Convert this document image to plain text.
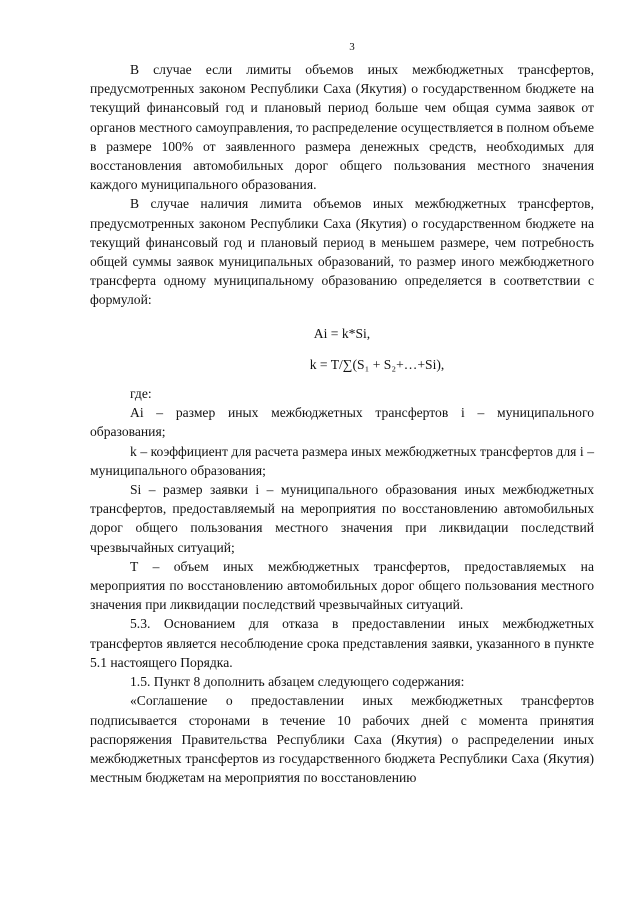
3

В случае если лимиты объемов иных межбюджетных трансфертов, предусмотренных законом Республики Саха (Якутия) о государственном бюджете на текущий финансовый год и плановый период больше чем общая сумма заявок от органов местного самоуправления, то распределение осуществляется в полном объеме в размере 100% от заявленного размера денежных средств, необходимых для восстановления автомобильных дорог общего пользования местного значения каждого муниципального образования.

В случае наличия лимита объемов иных межбюджетных трансфертов, предусмотренных законом Республики Саха (Якутия) о государственном бюджете на текущий финансовый год и плановый период в меньшем размере, чем потребность общей суммы заявок муниципальных образований, то размер иного межбюджетного трансферта одному муниципальному образованию определяется в соответствии с формулой:

Ai = k*Si,
k = T/∑(S₁ + S₂+…+Si),

где:

Ai – размер иных межбюджетных трансфертов i – муниципального образования;

k – коэффициент для расчета размера иных межбюджетных трансфертов для i – муниципального образования;

Si – размер заявки i – муниципального образования иных межбюджетных трансфертов, предоставляемый на мероприятия по восстановлению автомобильных дорог общего пользования местного значения при ликвидации последствий чрезвычайных ситуаций;

Т – объем иных межбюджетных трансфертов, предоставляемых на мероприятия по восстановлению автомобильных дорог общего пользования местного значения при ликвидации последствий чрезвычайных ситуаций.

5.3. Основанием для отказа в предоставлении иных межбюджетных трансфертов является несоблюдение срока представления заявки, указанного в пункте 5.1 настоящего Порядка.

1.5. Пункт 8 дополнить абзацем следующего содержания:

«Соглашение о предоставлении иных межбюджетных трансфертов подписывается сторонами в течение 10 рабочих дней с момента принятия распоряжения Правительства Республики Саха (Якутия) о распределении иных межбюджетных трансфертов из государственного бюджета Республики Саха (Якутия) местным бюджетам на мероприятия по восстановлению
